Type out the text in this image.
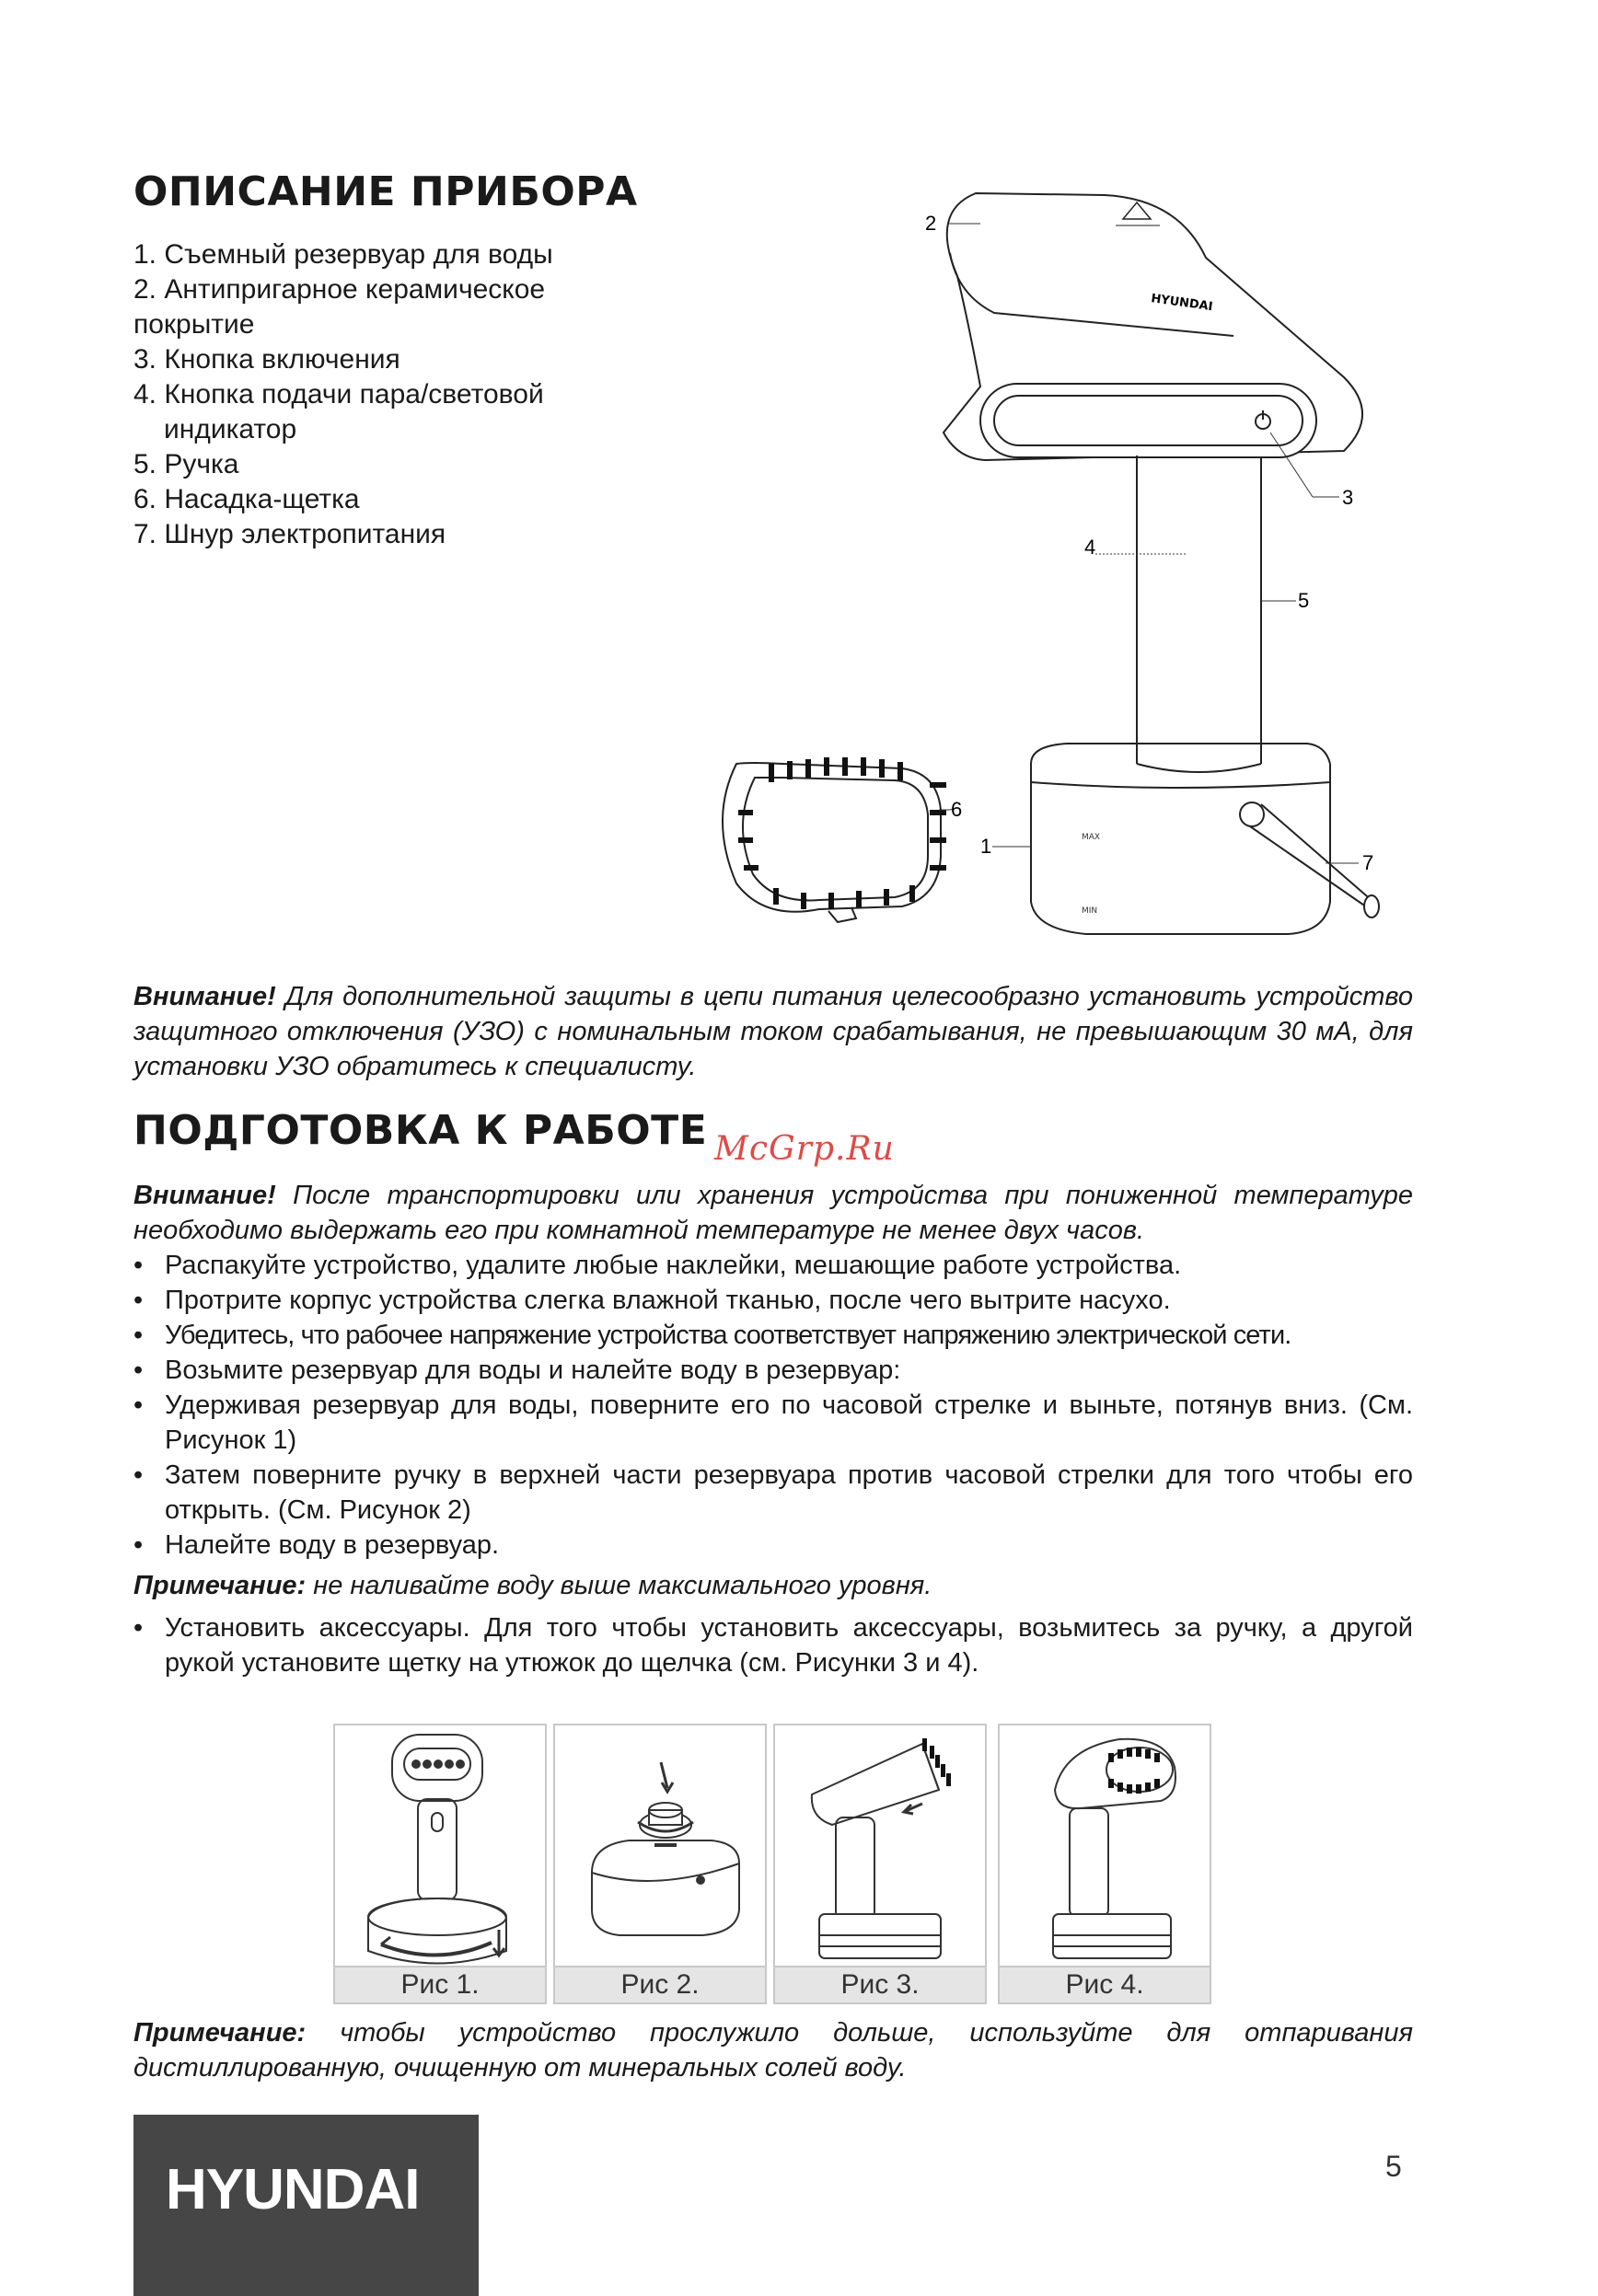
ОПИСАНИЕ ПРИБОРА
1. Съемный резервуар для воды
2. Антипригарное керамическое
покрытие
3. Кнопка включения
4. Кнопка подачи пара/световой
индикатор
5. Ручка
6. Насадка-щетка
7. Шнур электропитания
HYUNDAI
MAX
MIN
2
3
4
5
6
1
7
Внимание! Для дополнительной защиты в цепи питания целесообразно установить устройство защитного отключения (УЗО) с номинальным током срабатывания, не превышающим 30 мА, для установки УЗО обратитесь к специалисту.
ПОДГОТОВКА К РАБОТЕ McGrp.Ru
Внимание! После транспортировки или хранения устройства при пониженной температуре необходимо выдержать его при комнатной температуре не менее двух часов.
• Распакуйте устройство, удалите любые наклейки, мешающие работе устройства.
• Протрите корпус устройства слегка влажной тканью, после чего вытрите насухо.
• Убедитесь, что рабочее напряжение устройства соответствует напряжению электрической сети.
• Возьмите резервуар для воды и налейте воду в резервуар:
• Удерживая резервуар для воды, поверните его по часовой стрелке и выньте, потянув вниз. (См. Рисунок 1)
• Затем поверните ручку в верхней части резервуара против часовой стрелки для того чтобы его открыть. (См. Рисунок 2)
• Налейте воду в резервуар.
Примечание: не наливайте воду выше максимального уровня.
• Установить аксессуары. Для того чтобы установить аксессуары, возьмитесь за ручку, а другой рукой установите щетку на утюжок до щелчка (см. Рисунки 3 и 4).
Рис 1.	Рис 2.	Рис 3.	Рис 4.
Примечание: чтобы устройство прослужило дольше, используйте для отпаривания дистиллированную, очищенную от минеральных солей воду.
HYUNDAI	5
